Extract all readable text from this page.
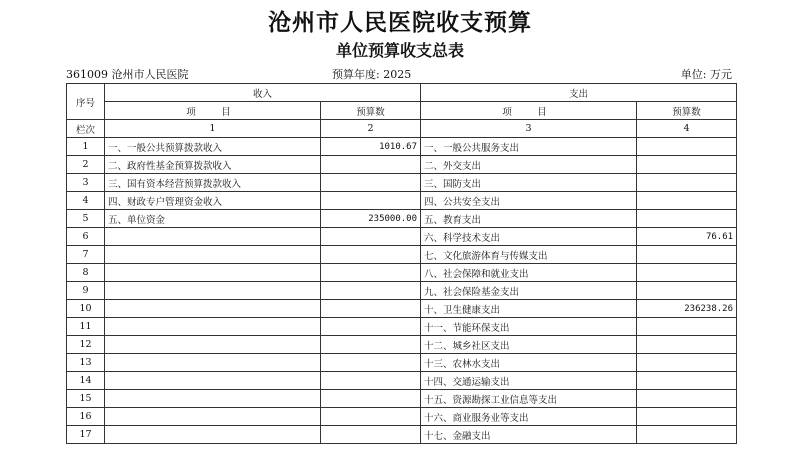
沧州市人民医院收支预算
单位预算收支总表
361009 沧州市人民医院	预算年度: 2025	单位: 万元
序号	收入		支出	
	项　目	预算数	项　目	预算数
栏次	1	2	3	4
1	一、一般公共预算拨款收入	1010.67	一、一般公共服务支出	
2	二、政府性基金预算拨款收入		二、外交支出	
3	三、国有资本经营预算拨款收入		三、国防支出	
4	四、财政专户管理资金收入		四、公共安全支出	
5	五、单位资金	235000.00	五、教育支出	
6			六、科学技术支出	76.61
7			七、文化旅游体育与传媒支出	
8			八、社会保障和就业支出	
9			九、社会保险基金支出	
10			十、卫生健康支出	236238.26
11			十一、节能环保支出	
12			十二、城乡社区支出	
13			十三、农林水支出	
14			十四、交通运输支出	
15			十五、资源勘探工业信息等支出	
16			十六、商业服务业等支出	
17			十七、金融支出	
